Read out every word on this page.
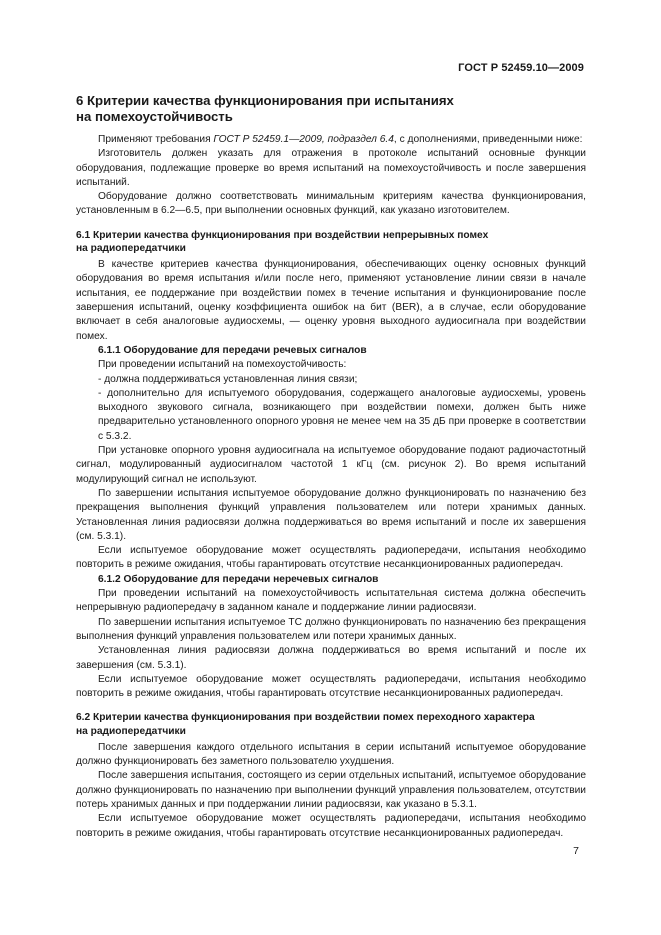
ГОСТ Р 52459.10—2009
6 Критерии качества функционирования при испытаниях
на помехоустойчивость

Применяют требования ГОСТ Р 52459.1—2009, подраздел 6.4, с дополнениями, приведенными ниже:

Изготовитель должен указать для отражения в протоколе испытаний основные функции оборудования, подлежащие проверке во время испытаний на помехоустойчивость и после завершения испытаний.

Оборудование должно соответствовать минимальным критериям качества функционирования, установленным в 6.2—6.5, при выполнении основных функций, как указано изготовителем.

6.1 Критерии качества функционирования при воздействии непрерывных помех
на радиопередатчики

В качестве критериев качества функционирования, обеспечивающих оценку основных функций оборудования во время испытания и/или после него, применяют установление линии связи в начале испытания, ее поддержание при воздействии помех в течение испытания и функционирование после завершения испытаний, оценку коэффициента ошибок на бит (BER), а в случае, если оборудование включает в себя аналоговые аудиосхемы, — оценку уровня выходного аудиосигнала при воздействии помех.

6.1.1 Оборудование для передачи речевых сигналов

При проведении испытаний на помехоустойчивость:

- должна поддерживаться установленная линия связи;

- дополнительно для испытуемого оборудования, содержащего аналоговые аудиосхемы, уровень выходного звукового сигнала, возникающего при воздействии помехи, должен быть ниже предварительно установленного опорного уровня не менее чем на 35 дБ при проверке в соответствии с 5.3.2.

При установке опорного уровня аудиосигнала на испытуемое оборудование подают радиочастотный сигнал, модулированный аудиосигналом частотой 1 кГц (см. рисунок 2). Во время испытаний модулирующий сигнал не используют.

По завершении испытания испытуемое оборудование должно функционировать по назначению без прекращения выполнения функций управления пользователем или потери хранимых данных. Установленная линия радиосвязи должна поддерживаться во время испытаний и после их завершения (см. 5.3.1).

Если испытуемое оборудование может осуществлять радиопередачи, испытания необходимо повторить в режиме ожидания, чтобы гарантировать отсутствие несанкционированных радиопередач.

6.1.2 Оборудование для передачи неречевых сигналов

При проведении испытаний на помехоустойчивость испытательная система должна обеспечить непрерывную радиопередачу в заданном канале и поддержание линии радиосвязи.

По завершении испытания испытуемое ТС должно функционировать по назначению без прекращения выполнения функций управления пользователем или потери хранимых данных.

Установленная линия радиосвязи должна поддерживаться во время испытаний и после их завершения (см. 5.3.1).

Если испытуемое оборудование может осуществлять радиопередачи, испытания необходимо повторить в режиме ожидания, чтобы гарантировать отсутствие несанкционированных радиопередач.

6.2 Критерии качества функционирования при воздействии помех переходного характера
на радиопередатчики

После завершения каждого отдельного испытания в серии испытаний испытуемое оборудование должно функционировать без заметного пользователю ухудшения.

После завершения испытания, состоящего из серии отдельных испытаний, испытуемое оборудование должно функционировать по назначению при выполнении функций управления пользователем, отсутствии потерь хранимых данных и при поддержании линии радиосвязи, как указано в 5.3.1.

Если испытуемое оборудование может осуществлять радиопередачи, испытания необходимо повторить в режиме ожидания, чтобы гарантировать отсутствие несанкционированных радиопередач.

7
